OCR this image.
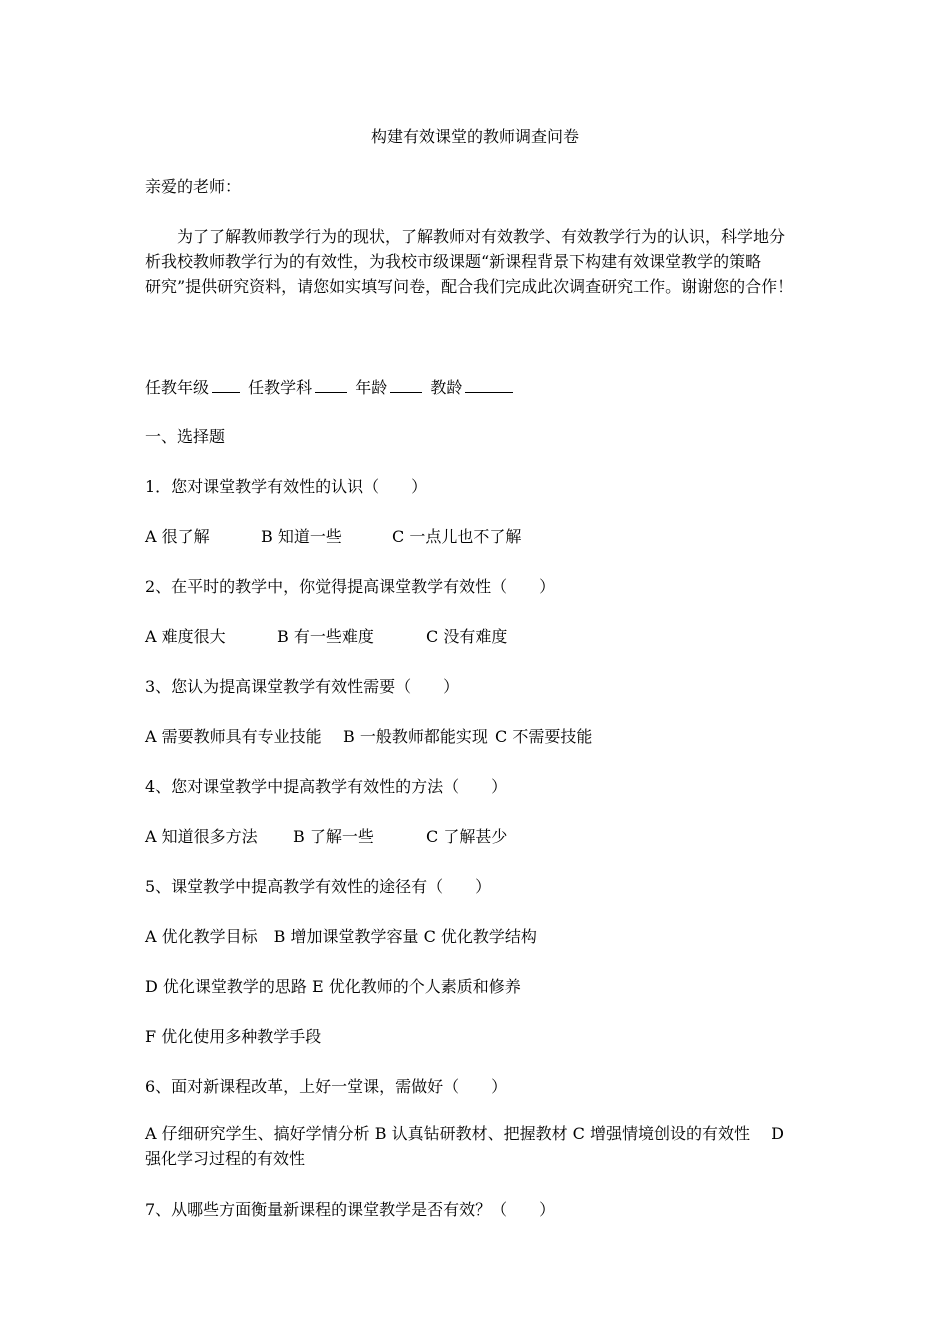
构建有效课堂的教师调查问卷
亲爱的老师：
为了了解教师教学行为的现状，了解教师对有效教学、有效教学行为的认识，科学地分
析我校教师教学行为的有效性，为我校市级课题“新课程背景下构建有效课堂教学的策略
研究”提供研究资料，请您如实填写问卷，配合我们完成此次调查研究工作。谢谢您的合作！
任教年级 任教学科	年龄	教龄
一、选择题
1．您对课堂教学有效性的认识（　　）
A 很了解	B 知道一些	C 一点儿也不了解
2、在平时的教学中，你觉得提高课堂教学有效性（　　）
A 难度很大	B 有一些难度	C 没有难度
3、您认为提高课堂教学有效性需要（　　）
A 需要教师具有专业技能 B 一般教师都能实现 C 不需要技能
4、您对课堂教学中提高教学有效性的方法（　　）
A 知道很多方法 B 了解一些	C 了解甚少
5、课堂教学中提高教学有效性的途径有（　　）
A 优化教学目标　B 增加课堂教学容量 C 优化教学结构
D 优化课堂教学的思路 E 优化教师的个人素质和修养
F 优化使用多种教学手段
6、面对新课程改革，上好一堂课，需做好（　　）
A 仔细研究学生、搞好学情分析 B 认真钻研教材、把握教材 C 增强情境创设的有效性　 D
强化学习过程的有效性
7、从哪些方面衡量新课程的课堂教学是否有效？（　　）
